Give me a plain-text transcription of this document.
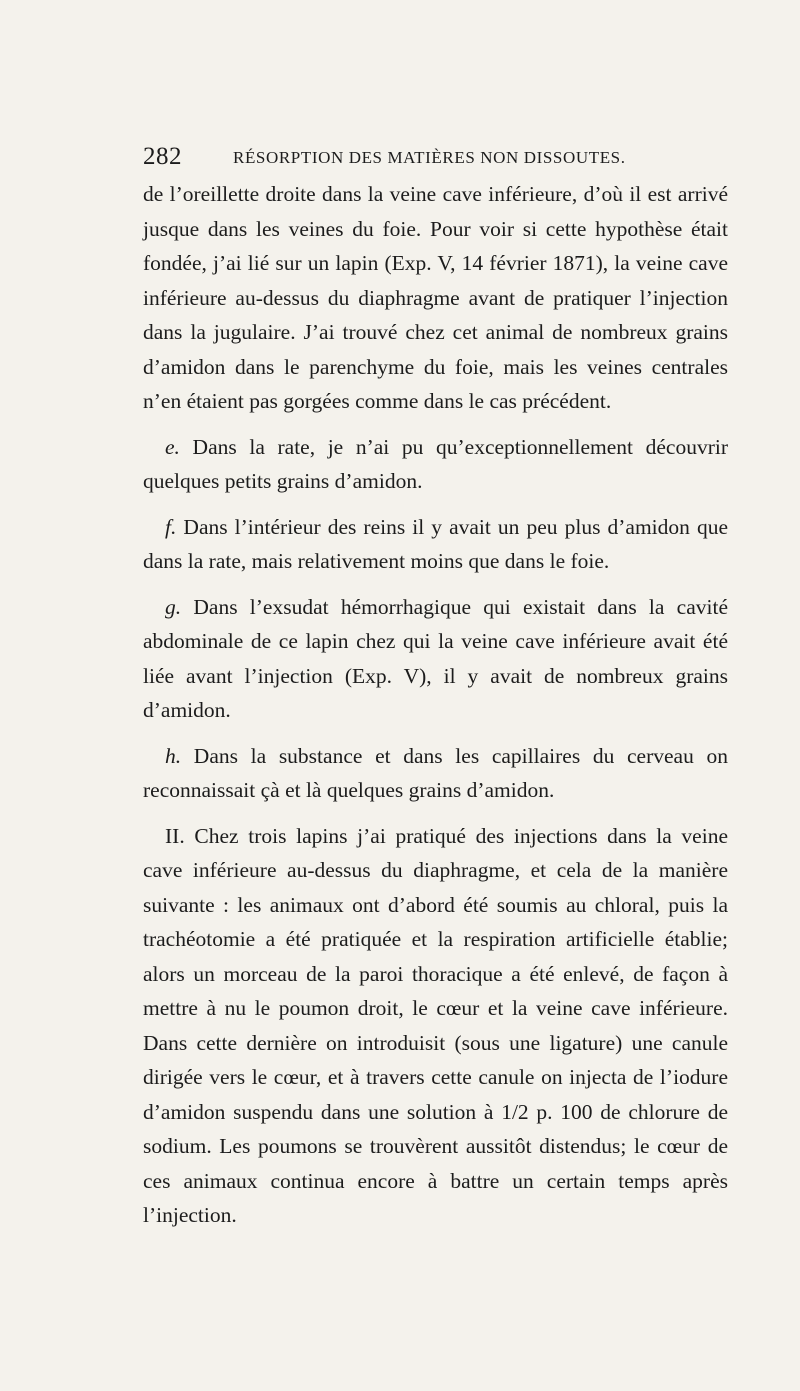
282	RÉSORPTION DES MATIÈRES NON DISSOUTES.

de l’oreillette droite dans la veine cave inférieure, d’où il est arrivé jusque dans les veines du foie. Pour voir si cette hypothèse était fondée, j’ai lié sur un lapin (Exp. V, 14 février 1871), la veine cave inférieure au-dessus du diaphragme avant de pratiquer l’injection dans la jugulaire. J’ai trouvé chez cet animal de nombreux grains d’amidon dans le parenchyme du foie, mais les veines centrales n’en étaient pas gorgées comme dans le cas précédent.

e. Dans la rate, je n’ai pu qu’exceptionnellement découvrir quelques petits grains d’amidon.

f. Dans l’intérieur des reins il y avait un peu plus d’amidon que dans la rate, mais relativement moins que dans le foie.

g. Dans l’exsudat hémorrhagique qui existait dans la cavité abdominale de ce lapin chez qui la veine cave inférieure avait été liée avant l’injection (Exp. V), il y avait de nombreux grains d’amidon.

h. Dans la substance et dans les capillaires du cerveau on reconnaissait çà et là quelques grains d’amidon.

II. Chez trois lapins j’ai pratiqué des injections dans la veine cave inférieure au-dessus du diaphragme, et cela de la manière suivante : les animaux ont d’abord été soumis au chloral, puis la trachéotomie a été pratiquée et la respiration artificielle établie; alors un morceau de la paroi thoracique a été enlevé, de façon à mettre à nu le poumon droit, le cœur et la veine cave inférieure. Dans cette dernière on introduisit (sous une ligature) une canule dirigée vers le cœur, et à travers cette canule on injecta de l’iodure d’amidon suspendu dans une solution à 1/2 p. 100 de chlorure de sodium. Les poumons se trouvèrent aussitôt distendus; le cœur de ces animaux continua encore à battre un certain temps après l’injection.
